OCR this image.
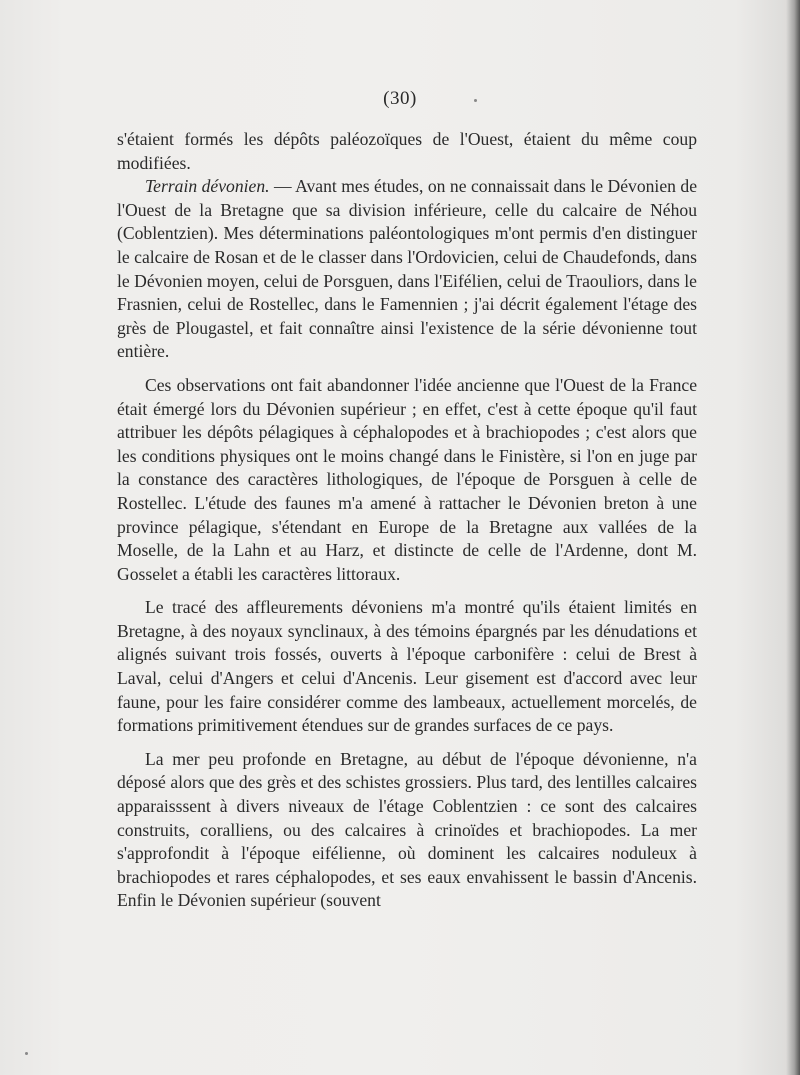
(30)

s'étaient formés les dépôts paléozoïques de l'Ouest, étaient du même coup modifiées.

Terrain dévonien. — Avant mes études, on ne connaissait dans le Dévonien de l'Ouest de la Bretagne que sa division inférieure, celle du calcaire de Néhou (Coblentzien). Mes déterminations paléontologiques m'ont permis d'en distinguer le calcaire de Rosan et de le classer dans l'Ordovicien, celui de Chaudefonds, dans le Dévonien moyen, celui de Porsguen, dans l'Eifélien, celui de Traouliors, dans le Frasnien, celui de Rostellec, dans le Famennien ; j'ai décrit également l'étage des grès de Plougastel, et fait connaître ainsi l'existence de la série dévonienne tout entière.

Ces observations ont fait abandonner l'idée ancienne que l'Ouest de la France était émergé lors du Dévonien supérieur ; en effet, c'est à cette époque qu'il faut attribuer les dépôts pélagiques à céphalopodes et à brachiopodes ; c'est alors que les conditions physiques ont le moins changé dans le Finistère, si l'on en juge par la constance des caractères lithologiques, de l'époque de Porsguen à celle de Rostellec. L'étude des faunes m'a amené à rattacher le Dévonien breton à une province pélagique, s'étendant en Europe de la Bretagne aux vallées de la Moselle, de la Lahn et au Harz, et distincte de celle de l'Ardenne, dont M. Gosselet a établi les caractères littoraux.

Le tracé des affleurements dévoniens m'a montré qu'ils étaient limités en Bretagne, à des noyaux synclinaux, à des témoins épargnés par les dénudations et alignés suivant trois fossés, ouverts à l'époque carbonifère : celui de Brest à Laval, celui d'Angers et celui d'Ancenis. Leur gisement est d'accord avec leur faune, pour les faire considérer comme des lambeaux, actuellement morcelés, de formations primitivement étendues sur de grandes surfaces de ce pays.

La mer peu profonde en Bretagne, au début de l'époque dévonienne, n'a déposé alors que des grès et des schistes grossiers. Plus tard, des lentilles calcaires apparaisssent à divers niveaux de l'étage Coblentzien : ce sont des calcaires construits, coralliens, ou des calcaires à crinoïdes et brachiopodes. La mer s'approfondit à l'époque eifélienne, où dominent les calcaires noduleux à brachiopodes et rares céphalopodes, et ses eaux envahissent le bassin d'Ancenis. Enfin le Dévonien supérieur (souvent
